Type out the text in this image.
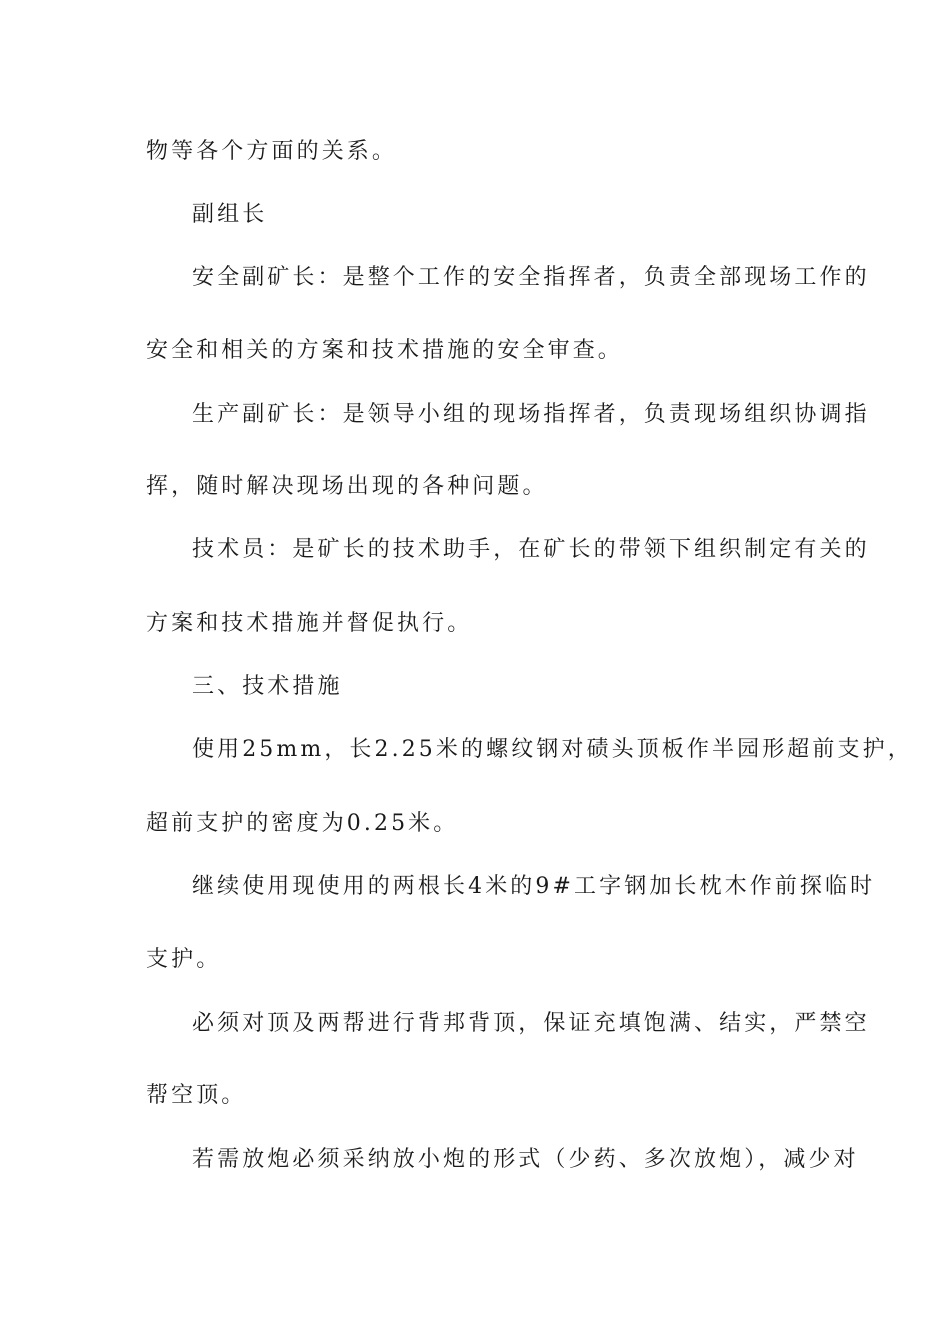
物等各个方面的关系。

副组长

安全副矿长：是整个工作的安全指挥者，负责全部现场工作的

安全和相关的方案和技术措施的安全审查。

生产副矿长：是领导小组的现场指挥者，负责现场组织协调指

挥，随时解决现场出现的各种问题。

技术员：是矿长的技术助手，在矿长的带领下组织制定有关的

方案和技术措施并督促执行。

三、技术措施

使用25mm，长2.25米的螺纹钢对碛头顶板作半园形超前支护，

超前支护的密度为0.25米。

继续使用现使用的两根长4米的9#工字钢加长枕木作前探临时

支护。

必须对顶及两帮进行背邦背顶，保证充填饱满、结实，严禁空

帮空顶。

若需放炮必须采纳放小炮的形式（少药、多次放炮），减少对
